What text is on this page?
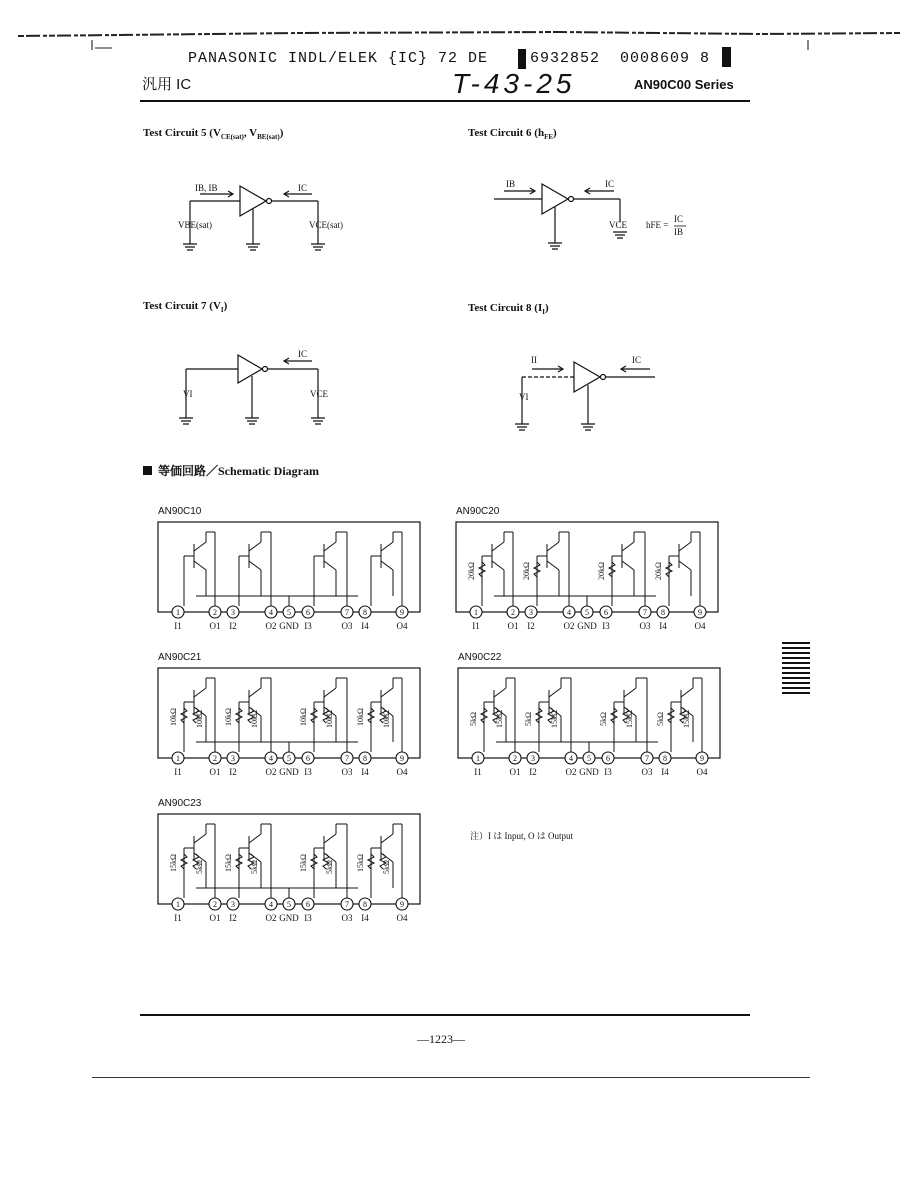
PANASONIC INDL/ELEK {IC} 72 DE	6932852 0008609 8
汎用 IC	T-43-25	AN90C00 Series
Test Circuit 5 ($V_{CE(sat)}$, $V_{BE(sat)}$)	Test Circuit 6 $(h_{FE})$
Test Circuit 7 $(V_I)$	Test Circuit 8 $(I_I)$
IB, IB	IC
VBE(sat)	VCE(sat)
IB	IC
VCE hFE =
IC
IB
IC
VI	VCE
II	IC
VI
等価回路／Schematic Diagram
AN90C10
1
I1
2
O1
3
I2
4
O2
5
GND
6
I3
7
O3
8
I4
9
O4
AN90C20
20kΩ	20kΩ	20kΩ	20kΩ
1
I1
2
O1
3
I2
4
O2
5
GND
6
I3
7
O3
8
I4
9
O4
AN90C21
10kΩ 10kΩ	10kΩ 10kΩ	10kΩ 10kΩ	10kΩ 10kΩ
1
I1
2
O1
3
I2
4
O2
5
GND
6
I3
7
O3
8
I4
9
O4
AN90C22
5kΩ 15kΩ	5kΩ 15kΩ	5kΩ 15kΩ	5kΩ 15kΩ
1
I1
2
O1
3
I2
4
O2
5
GND
6
I3
7
O3
8
I4
9
O4
AN90C23
15kΩ 5kΩ	15kΩ 5kΩ	15kΩ 5kΩ	15kΩ 5kΩ
1
I1
2
O1
3
I2
4
O2
5
GND
6
I3
7
O3
8
I4
9
O4
注）I は Input, O は Output
—1223—
